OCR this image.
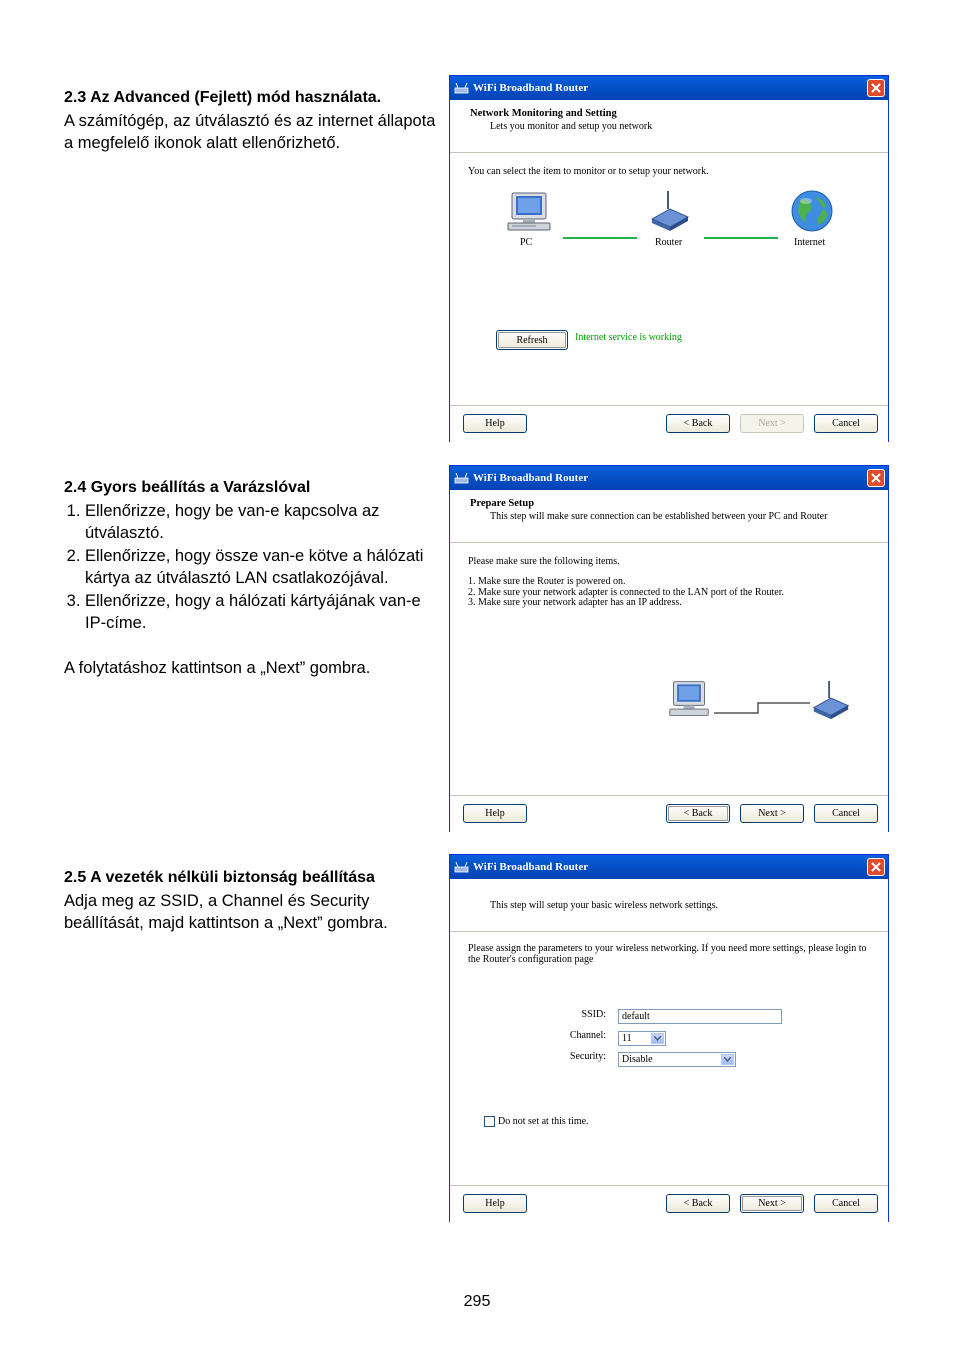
2.3 Az Advanced (Fejlett) mód használata.

A számítógép, az útválasztó és az internet állapota a megfelelő ikonok alatt ellenőrizhető.

2.4 Gyors beállítás a Varázslóval
1. Ellenőrizze, hogy be van-e kapcsolva az útválasztó.
2. Ellenőrizze, hogy össze van-e kötve a hálózati kártya az útválasztó LAN csatlakozójával.
3. Ellenőrizze, hogy a hálózati kártyájának van-e IP-címe.

A folytatáshoz kattintson a „Next” gombra.

2.5 A vezeték nélküli biztonság beállítása

Adja meg az SSID, a Channel és Security beállítását, majd kattintson a „Next” gombra.

WiFi Broadband Router
Network Monitoring and Setting
Lets you monitor and setup you network
You can select the item to monitor or to setup your network.
PC	Router	Internet
Refresh	Internet service is working
Help	< Back	Next >	Cancel
WiFi Broadband Router
Prepare Setup
This step will make sure connection can be established between your PC and Router
Please make sure the following items.
1. Make sure the Router is powered on.
2. Make sure your network adapter is connected to the LAN port of the Router.
3. Make sure your network adapter has an IP address.
Help	< Back	Next >	Cancel
WiFi Broadband Router
This step will setup your basic wireless network settings.
Please assign the parameters to your wireless networking. If you need more settings, please login to the Router's configuration page
SSID:	default
Channel:	11
Security:	Disable
Do not set at this time.
Help	< Back	Next >	Cancel
295
